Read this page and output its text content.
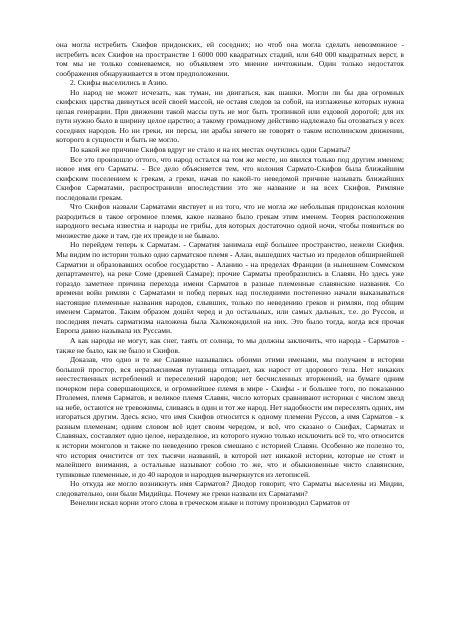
она могла истребить Скифов придонских, ей соседних; но чтоб она могла сделать невозможное - истребить всех Скифов на пространстве 1 6000 000 квадратных стадий, или 640 000 квадратных верст, в том мы не только сомневаемся, но объявляем это мнение ничтожным. Один только недостаток соображения обнаруживается в этом предположении.

2. Скифы выселились в Азию.

Но народ не может исчезать, как туман, ни двигаться, как шашки. Могли ли бы два огромных скифских царства двинуться всей своей массой, не оставя следов за собой, на изглаженье которых нужна целая генерации. При движении такой массы путь не мог быть тропинкой или ездовой дорогой; для их пути нужно было в ширину целое царство; а такому громадному действию надлежало бы отозваться у всех соседних народов. Но ни греки, ни персы, ни арабы ничего не говорят о таком исполинском движении, которого в сущности и быть не могло.

По какой же причине Скифов вдруг не стало и на их местах очутились одни Сарматы?

Все это произошло оттого, что народ остался на том же месте, но явился только под другим именем; новое имя его Сарматы. - Все дело объясняется тем, что колония Сармато-Скифов была ближайшим скифским поселением к грекам, а греки, начав по какой-то неведомой причине называть ближайших Скифов Сарматами, распространили впоследствии это же название и на всех Скифов. Римляне последовали грекам.

Что Скифов назвали Сарматами явствует и из того, что не могла же небольшая придонская колония разродиться в такое огромное племя, какое названо было грекам этим именем. Теория расположения народного весьма известна и народы не грибы, для которых достаточно одной ночи, чтобы появиться во множестве даже и там, где их прежде и не бывало.

Но перейдем теперь к Сарматам. - Сарматия занимала ещё большее пространство, нежели Скифия. Мы видим по истории только одно сарматское племя - Алан, вышедших частью из пределов обширнейшей Сарматии и образовавших особое государство - Аланию - на пределах Франции (в нынешнем Соммском департаменте), на реке Соме (древней Самаре); прочие Сарматы преобразились в Славян. Но здесь уже гораздо заметнее причина перехода имени Сарматов в разные племенные славянские названия. Со времени войн римлян с Сарматами и побед первых над последними постепенно начали выказываться настоящие племенные названия народов, слывших, только по неведению греков и римлян, под общим именем Сарматов. Таким образом дошёл черед и до остальных, или самых дальных, т.е. до Руссов, и последняя печать сарматизма наложена была Халкокондилой на них. Это было тогда, когда вся прочая Европа давно называла их Руссами.

А как народы не могут, как снег, таять от солнца, то мы должны заключить, что народа - Сарматов - также не было, как не было и Скифов.

Доказав, что одно и те же Славяне назывались обоими этими именами, мы получаем в истории большой простор, вся неразъяснимая путаница отпадает, как нарост от здорового тела. Нет никаких неестественных истреблений и переселений народов; нет бесчисленных вторжений, на бумаге одним почерком пера совершающихся, и огромнейшее племя в мире - Скифы - и большее того, по показанию Птолемея, племя Сарматов, и великое племя Славян, число которых сравнивают историки с числом звезд на небе, остаются не тревожимы, сливаясь в один и тот же народ. Нет надобности им переселять одних, им изгораться другим. Здесь ясно, что имя Скифов относится к одному племени Руссов, а имя Сарматов - к разным племенам; одним словом всё идет своим чередом, и всё, что сказано о Скифах, Сарматах и Славянах, составляет одно целое, неразделное, из которого нужно только исключить всё то, что относится к истории монголов и также по неведению греков смешано с историей Славян. Особенно же полезно то, что история очистится от тех тысячи названий, в которой нет никакой истории, которые не стоят и малейшего внимания, а остальные называют собою то же, что и обыкновенные чисто славянские, тупиковые племенные, и до 40 народов и народцев вычеркнутся из летописей.

Но откуда же могло возникнуть имя Сарматов? Диодор говорит, что Сарматы выселены из Мидии, следовательно, они были Мидийцы. Почему же греки назвали их Сарматами?

Венелин искал корни этого слова в греческом языке и потому производил Сарматов от
